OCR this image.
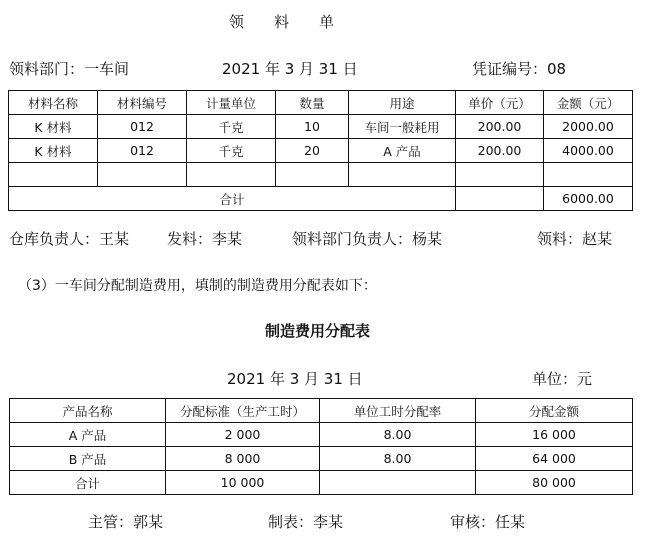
领　　料　　单
领料部门：一车间	2021 年 3 月 31 日	凭证编号：08
材料名称	材料编号	计量单位	数量	用途	单价（元）	金额（元）
K 材料	012	千克	10	车间一般耗用	200.00	2000.00
K 材料	012	千克	20	A 产品	200.00	4000.00

合计						6000.00
仓库负责人：王某	发料：李某	领料部门负责人：杨某	领料：赵某
（3）一车间分配制造费用，填制的制造费用分配表如下：
制造费用分配表
2021 年 3 月 31 日	单位：元
产品名称	分配标准（生产工时）	单位工时分配率	分配金额
A 产品	2 000	8.00	16 000
B 产品	8 000	8.00	64 000
合计	10 000		80 000
主管：郭某	制表：李某	审核：任某
